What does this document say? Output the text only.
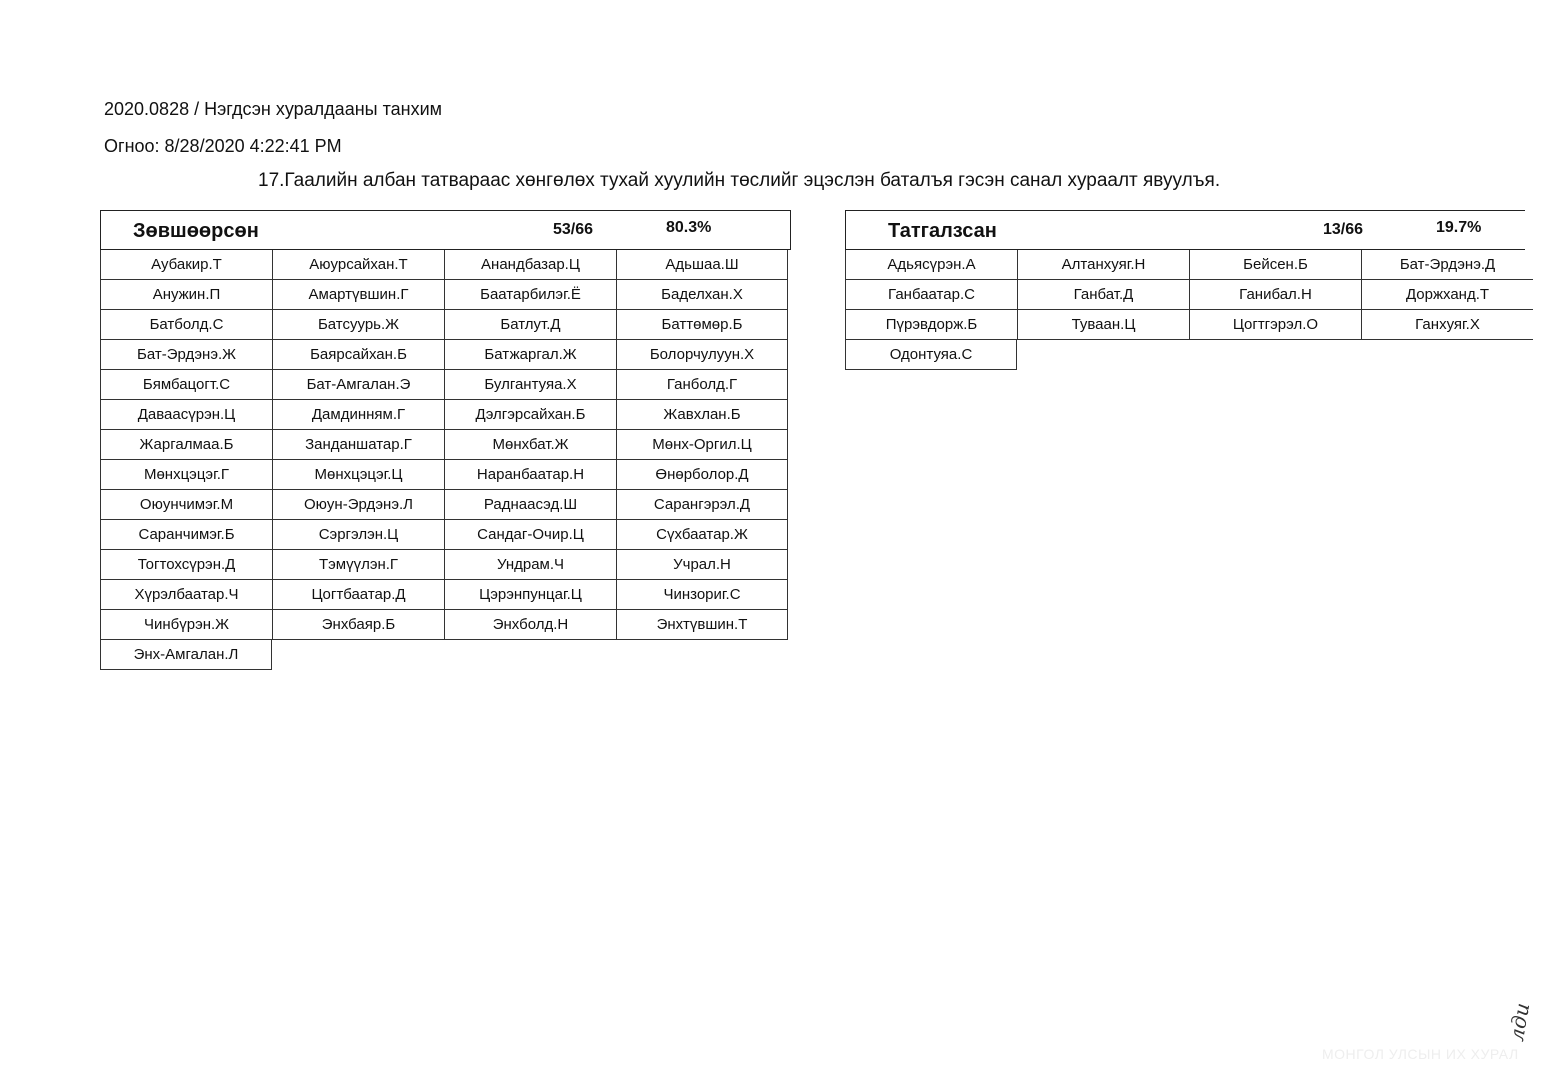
2020.0828 / Нэгдсэн хуралдааны танхим
Огноо: 8/28/2020 4:22:41 PM
17.Гаалийн албан татвараас хөнгөлөх тухай хуулийн төслийг эцэслэн баталъя гэсэн санал хураалт явуулъя.
Зөвшөөрсөн	53/66	80.3%
Аубакир.Т	Аюурсайхан.Т	Анандбазар.Ц	Адьшаа.Ш
Анужин.П	Амартүвшин.Г	Баатарбилэг.Ё	Баделхан.Х
Батболд.С	Батсуурь.Ж	Батлут.Д	Баттөмөр.Б
Бат-Эрдэнэ.Ж	Баярсайхан.Б	Батжаргал.Ж	Болорчулуун.Х
Бямбацогт.С	Бат-Амгалан.Э	Булгантуяа.Х	Ганболд.Г
Даваасүрэн.Ц	Дамдинням.Г	Дэлгэрсайхан.Б	Жавхлан.Б
Жаргалмаа.Б	Занданшатар.Г	Мөнхбат.Ж	Мөнх-Оргил.Ц
Мөнхцэцэг.Г	Мөнхцэцэг.Ц	Наранбаатар.Н	Өнөрболор.Д
Оюунчимэг.М	Оюун-Эрдэнэ.Л	Раднаасэд.Ш	Сарангэрэл.Д
Саранчимэг.Б	Сэргэлэн.Ц	Сандаг-Очир.Ц	Сүхбаатар.Ж
Тогтохсүрэн.Д	Тэмүүлэн.Г	Ундрам.Ч	Учрал.Н
Хүрэлбаатар.Ч	Цогтбаатар.Д	Цэрэнпунцаг.Ц	Чинзориг.С
Чинбүрэн.Ж	Энхбаяр.Б	Энхболд.Н	Энхтүвшин.Т
Энх-Амгалан.Л
Татгалзсан	13/66	19.7%
Адьясүрэн.А	Алтанхуяг.Н	Бейсен.Б	Бат-Эрдэнэ.Д
Ганбаатар.С	Ганбат.Д	Ганибал.Н	Доржханд.Т
Пүрэвдорж.Б	Туваан.Ц	Цогтгэрэл.О	Ганхуяг.Х
Одонтуяа.С
лди
МОНГОЛ УЛСЫН ИХ ХУРАЛ
